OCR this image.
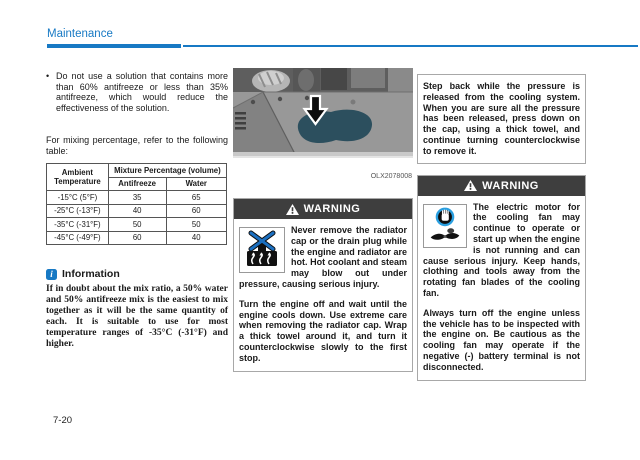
Maintenance
• Do not use a solution that contains more than 60% antifreeze or less than 35% antifreeze, which would reduce the effectiveness of the solution.
For mixing percentage, refer to the following table:
Ambient Temperature	Mixture Percentage (volume)	
	Antifreeze	Water
-15°C (5°F)	35	65
-25°C (-13°F)	40	60
-35°C (-31°F)	50	50
-45°C (-49°F)	60	40
i Information
If in doubt about the mix ratio, a 50% water and 50% antifreeze mix is the easiest to mix together as it will be the same quantity of each. It is suitable to use for most temperature ranges of -35°C (-31°F) and higher.
OLX2078008
WARNING

Never remove the radiator cap or the drain plug while the engine and radiator are hot. Hot coolant and steam may blow out under pressure, causing serious injury.

Turn the engine off and wait until the engine cools down. Use extreme care when removing the radiator cap. Wrap a thick towel around it, and turn it counterclockwise slowly to the first stop.

Step back while the pressure is released from the cooling system. When you are sure all the pressure has been released, press down on the cap, using a thick towel, and continue turning counterclockwise to remove it.
WARNING

The electric motor for the cooling fan may continue to operate or start up when the engine is not running and can cause serious injury. Keep hands, clothing and tools away from the rotating fan blades of the cooling fan.

Always turn off the engine unless the vehicle has to be inspected with the engine on. Be cautious as the cooling fan may operate if the negative (-) battery terminal is not disconnected.

7-20
